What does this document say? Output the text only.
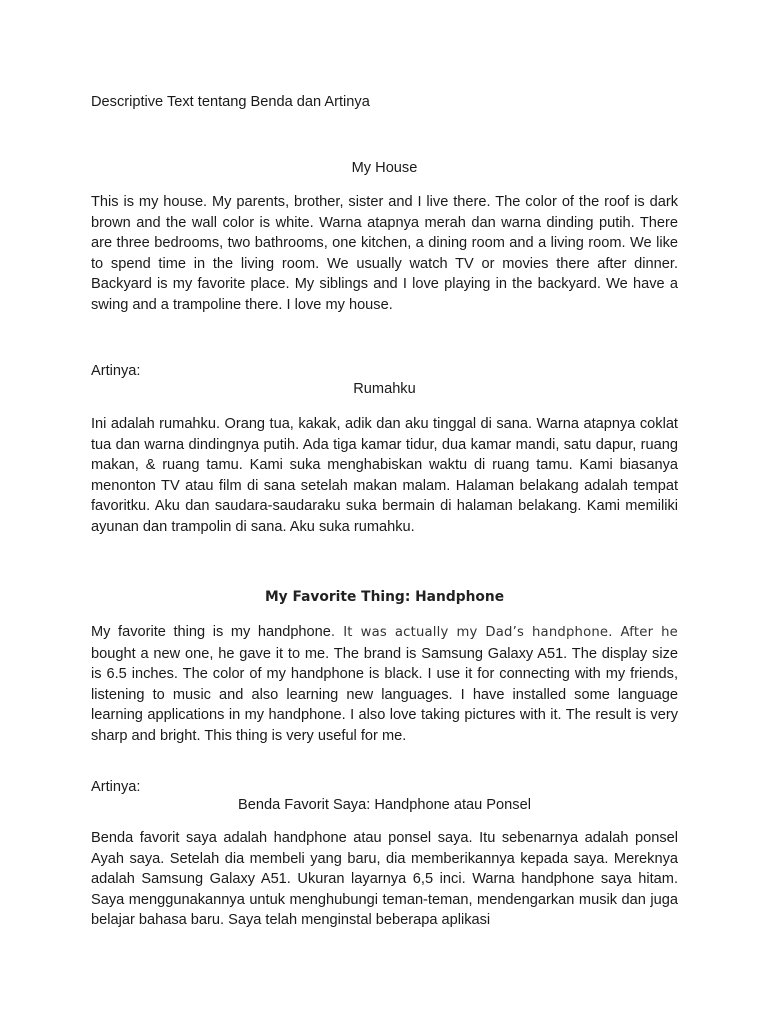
Descriptive Text tentang Benda dan Artinya
My House

This is my house. My parents, brother, sister and I live there. The color of the roof is dark brown and the wall color is white. Warna atapnya merah dan warna dinding putih. There are three bedrooms, two bathrooms, one kitchen, a dining room and a living room. We like to spend time in the living room. We usually watch TV or movies there after dinner. Backyard is my favorite place. My siblings and I love playing in the backyard. We have a swing and a trampoline there. I love my house.

Artinya:
Rumahku

Ini adalah rumahku. Orang tua, kakak, adik dan aku tinggal di sana. Warna atapnya coklat tua dan warna dindingnya putih. Ada tiga kamar tidur, dua kamar mandi, satu dapur, ruang makan, & ruang tamu. Kami suka menghabiskan waktu di ruang tamu. Kami biasanya menonton TV atau film di sana setelah makan malam. Halaman belakang adalah tempat favoritku. Aku dan saudara-saudaraku suka bermain di halaman belakang. Kami memiliki ayunan dan trampolin di sana. Aku suka rumahku.

My Favorite Thing: Handphone
My favorite thing is my handphone. It was actually my Dad’s handphone. After he
bought a new one, he gave it to me. The brand is Samsung Galaxy A51. The display size is 6.5 inches. The color of my handphone is black. I use it for connecting with my friends, listening to music and also learning new languages. I have installed some language learning applications in my handphone. I also love taking pictures with it. The result is very sharp and bright. This thing is very useful for me.
Artinya:
Benda Favorit Saya: Handphone atau Ponsel

Benda favorit saya adalah handphone atau ponsel saya. Itu sebenarnya adalah ponsel Ayah saya. Setelah dia membeli yang baru, dia memberikannya kepada saya. Mereknya adalah Samsung Galaxy A51. Ukuran layarnya 6,5 inci. Warna handphone saya hitam. Saya menggunakannya untuk menghubungi teman-teman, mendengarkan musik dan juga belajar bahasa baru. Saya telah menginstal beberapa aplikasi
